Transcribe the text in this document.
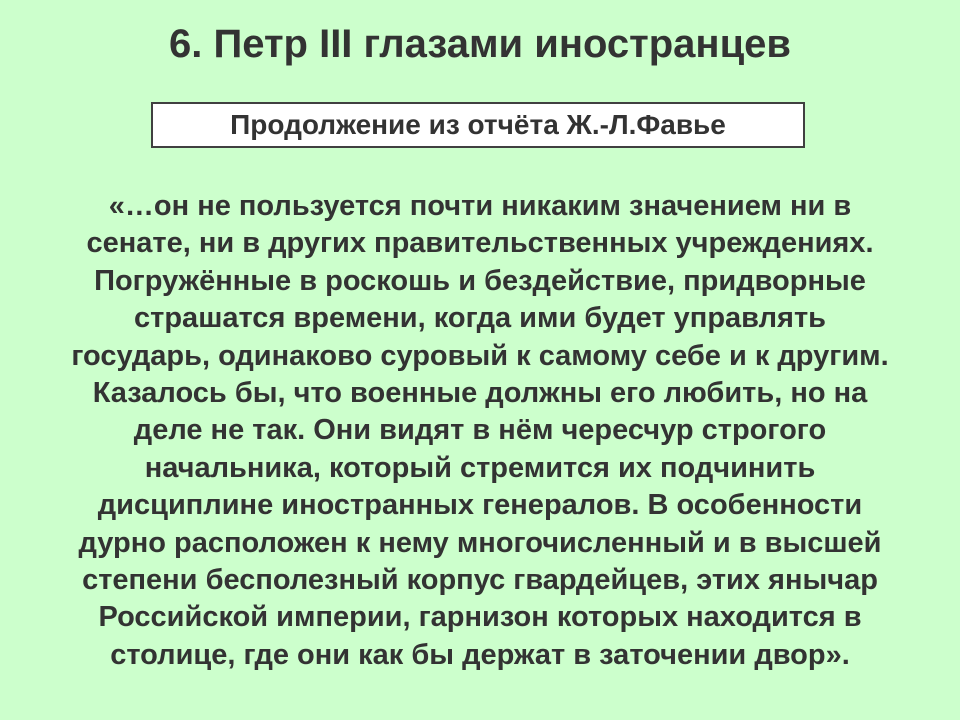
6. Петр III глазами иностранцев
Продолжение из отчёта Ж.-Л.Фавье

«…он не пользуется почти никаким значением ни в
сенате, ни в других правительственных учреждениях.
Погружённые в роскошь и бездействие, придворные
страшатся времени, когда ими будет управлять
государь, одинаково суровый к самому себе и к другим.
Казалось бы, что военные должны его любить, но на
деле не так. Они видят в нём чересчур строгого
начальника, который стремится их подчинить
дисциплине иностранных генералов. В особенности
дурно расположен к нему многочисленный и в высшей
степени бесполезный корпус гвардейцев, этих янычар
Российской империи, гарнизон которых находится в
столице, где они как бы держат в заточении двор».
